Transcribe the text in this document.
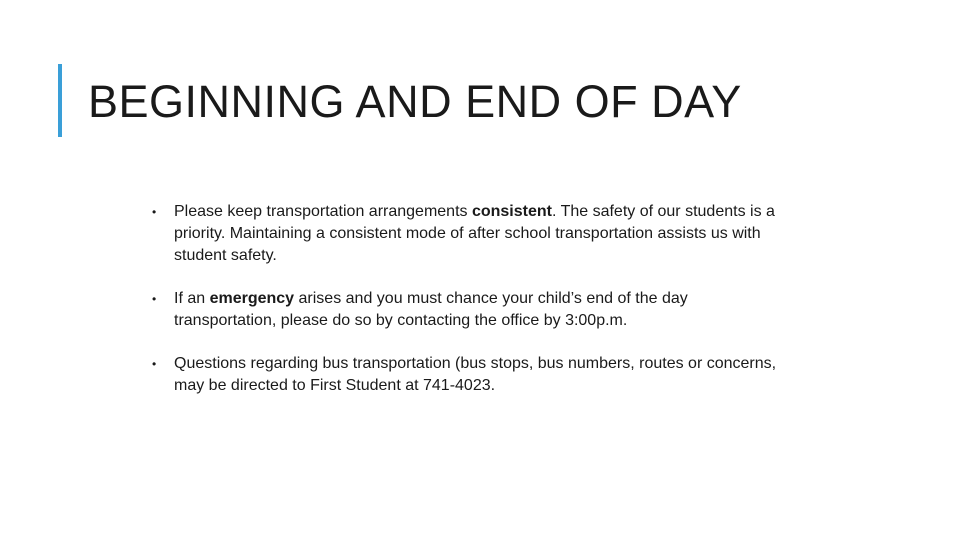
BEGINNING AND END OF DAY
• Please keep transportation arrangements consistent. The safety of our students is a priority. Maintaining a consistent mode of after school transportation assists us with student safety.
• If an emergency arises and you must chance your child’s end of the day transportation, please do so by contacting the office by 3:00p.m.
• Questions regarding bus transportation (bus stops, bus numbers, routes or concerns, may be directed to First Student at 741-4023.
